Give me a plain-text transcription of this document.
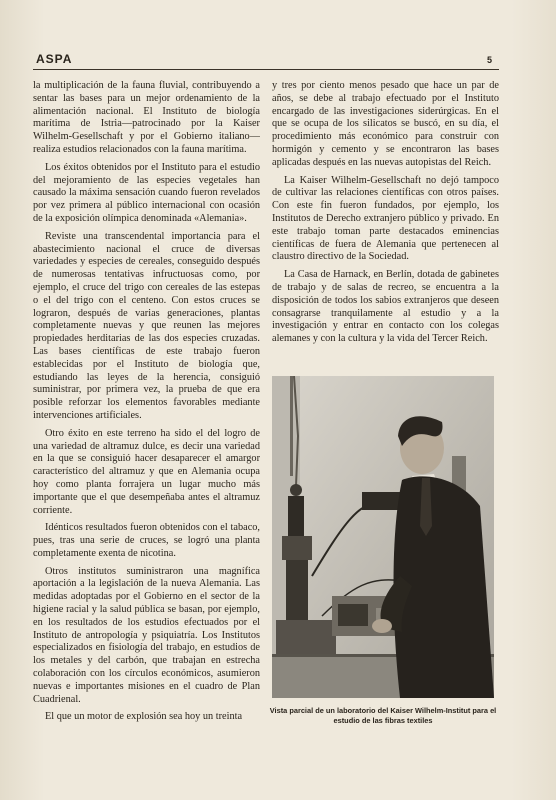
ASPA	5

la multiplicación de la fauna fluvial, contribuyendo a sentar las bases para un mejor ordenamiento de la alimentación nacional. El Instituto de biología marítima de Istria—patrocinado por la Kaiser Wilhelm-Gesellschaft y por el Gobierno italiano—realiza estudios relacionados con la fauna marítima.

Los éxitos obtenidos por el Instituto para el estudio del mejoramiento de las especies vegetales han causado la máxima sensación cuando fueron revelados por vez primera al público internacional con ocasión de la exposición olímpica denominada «Alemania».

Reviste una transcendental importancia para el abastecimiento nacional el cruce de diversas variedades y especies de cereales, conseguido después de numerosas tentativas infructuosas como, por ejemplo, el cruce del trigo con cereales de las estepas o el del trigo con el centeno. Con estos cruces se lograron, después de varias generaciones, plantas completamente nuevas y que reunen las mejores propiedades herditarias de las dos especies cruzadas. Las bases científicas de este trabajo fueron establecidas por el Instituto de biología que, estudiando las leyes de la herencia, consiguió suministrar, por primera vez, la prueba de que era posible reforzar los elementos favorables mediante intervenciones artificiales.

Otro éxito en este terreno ha sido el del logro de una variedad de altramuz dulce, es decir una variedad en la que se consiguió hacer desaparecer el amargor característico del altramuz y que en Alemania ocupa hoy como planta forrajera un lugar mucho más importante que el que desempeñaba antes el altramuz corriente.

Idénticos resultados fueron obtenidos con el tabaco, pues, tras una serie de cruces, se logró una planta completamente exenta de nicotina.

Otros institutos suministraron una magnífica aportación a la legislación de la nueva Alemania. Las medidas adoptadas por el Gobierno en el sector de la higiene racial y la salud pública se basan, por ejemplo, en los resultados de los estudios efectuados por el Instituto de antropología y psiquiatría. Los Institutos especializados en fisiología del trabajo, en estudios de los metales y del carbón, que trabajan en estrecha colaboración con los círculos económicos, asumieron nuevas e importantes misiones en el cuadro de Plan Cuadrienal.

El que un motor de explosión sea hoy un treinta

y tres por ciento menos pesado que hace un par de años, se debe al trabajo efectuado por el Instituto encargado de las investigaciones siderúrgicas. En el que se ocupa de los silicatos se buscó, en su día, el procedimiento más económico para construir con hormigón y cemento y se encontraron las bases aplicadas después en las nuevas autopistas del Reich.

La Kaiser Wilhelm-Gesellschaft no dejó tampoco de cultivar las relaciones científicas con otros países. Con este fin fueron fundados, por ejemplo, los Institutos de Derecho extranjero público y privado. En este trabajo toman parte destacados eminencias científicas de fuera de Alemania que pertenecen al claustro directivo de la Sociedad.

La Casa de Harnack, en Berlín, dotada de gabinetes de trabajo y de salas de recreo, se encuentra a la disposición de todos los sabios extranjeros que deseen consagrarse tranquilamente al estudio y a la investigación y entrar en contacto con los colegas alemanes y con la cultura y la vida del Tercer Reich.

Vista parcial de un laboratorio del Kaiser Wilhelm-Institut para el estudio de las fibras textiles
